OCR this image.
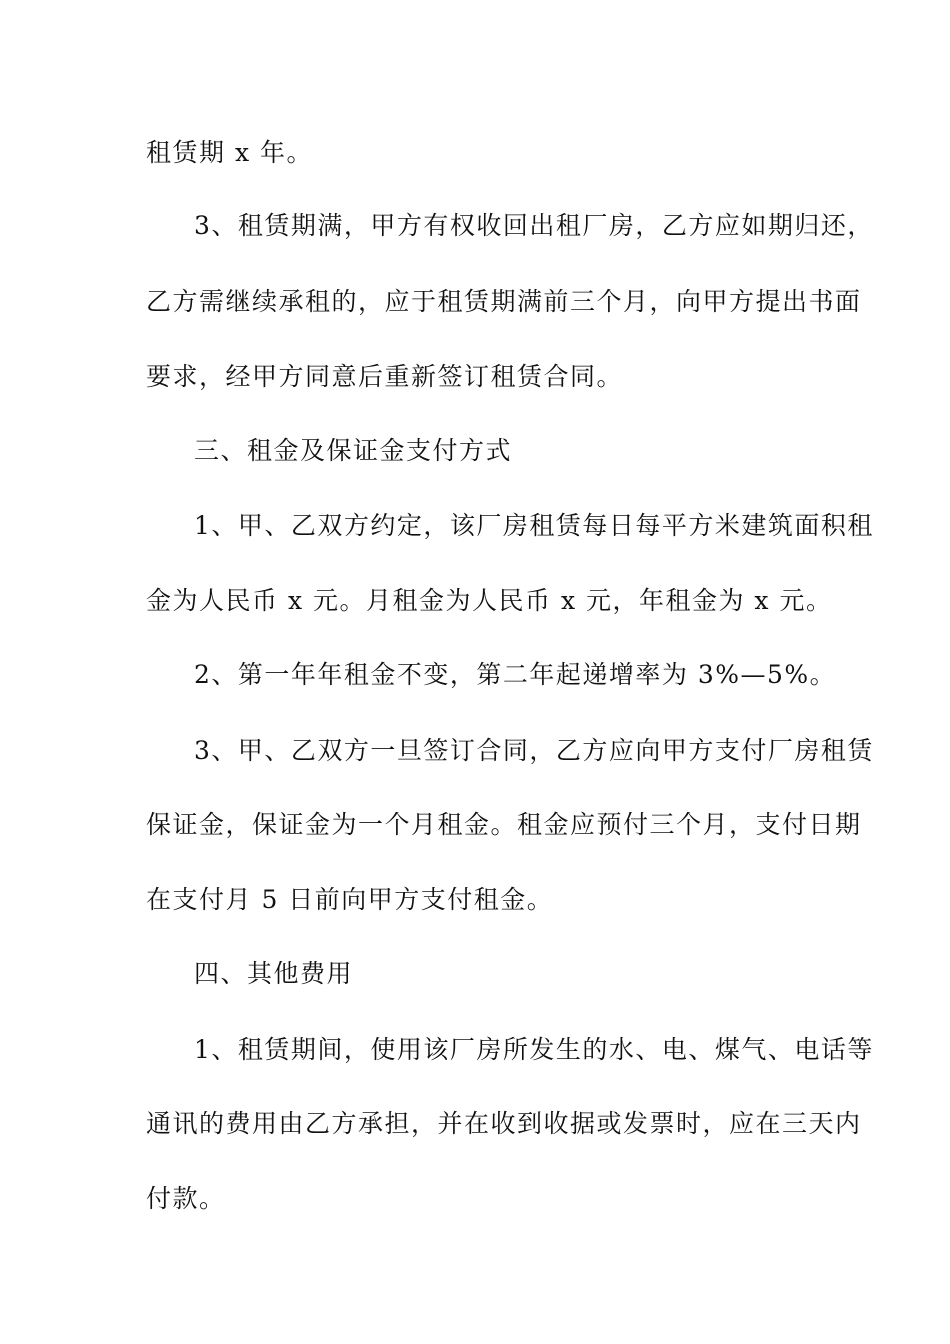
租赁期 x 年。
3、租赁期满，甲方有权收回出租厂房，乙方应如期归还，
乙方需继续承租的，应于租赁期满前三个月，向甲方提出书面
要求，经甲方同意后重新签订租赁合同。
三、租金及保证金支付方式
1、甲、乙双方约定，该厂房租赁每日每平方米建筑面积租
金为人民币 x 元。月租金为人民币 x 元，年租金为 x 元。
2、第一年年租金不变，第二年起递增率为 3%—5%。
3、甲、乙双方一旦签订合同，乙方应向甲方支付厂房租赁
保证金，保证金为一个月租金。租金应预付三个月，支付日期
在支付月 5 日前向甲方支付租金。
四、其他费用
1、租赁期间，使用该厂房所发生的水、电、煤气、电话等
通讯的费用由乙方承担，并在收到收据或发票时，应在三天内
付款。
